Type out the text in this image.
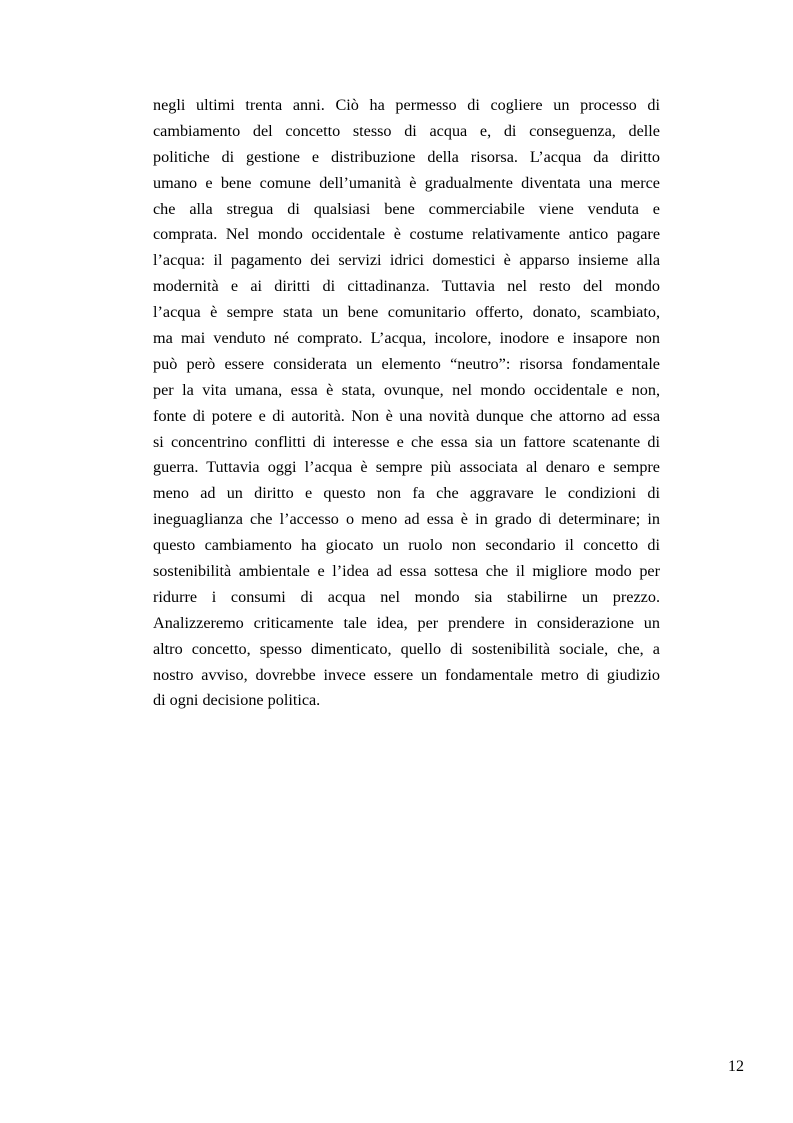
negli ultimi trenta anni. Ciò ha permesso di cogliere un processo di
cambiamento del concetto stesso di acqua e, di conseguenza, delle
politiche di gestione e distribuzione della risorsa. L’acqua da diritto
umano e bene comune dell’umanità è gradualmente diventata una merce
che alla stregua di qualsiasi bene commerciabile viene venduta e
comprata. Nel mondo occidentale è costume relativamente antico pagare
l’acqua: il pagamento dei servizi idrici domestici è apparso insieme alla
modernità e ai diritti di cittadinanza. Tuttavia nel resto del mondo
l’acqua è sempre stata un bene comunitario offerto, donato, scambiato,
ma mai venduto né comprato. L’acqua, incolore, inodore e insapore non
può però essere considerata un elemento “neutro”: risorsa fondamentale
per la vita umana, essa è stata, ovunque, nel mondo occidentale e non,
fonte di potere e di autorità. Non è una novità dunque che attorno ad essa
si concentrino conflitti di interesse e che essa sia un fattore scatenante di
guerra. Tuttavia oggi l’acqua è sempre più associata al denaro e sempre
meno ad un diritto e questo non fa che aggravare le condizioni di
ineguaglianza che l’accesso o meno ad essa è in grado di determinare; in
questo cambiamento ha giocato un ruolo non secondario il concetto di
sostenibilità ambientale e l’idea ad essa sottesa che il migliore modo per
ridurre i consumi di acqua nel mondo sia stabilirne un prezzo.
Analizzeremo criticamente tale idea, per prendere in considerazione un
altro concetto, spesso dimenticato, quello di sostenibilità sociale, che, a
nostro avviso, dovrebbe invece essere un fondamentale metro di giudizio
di ogni decisione politica.
12
